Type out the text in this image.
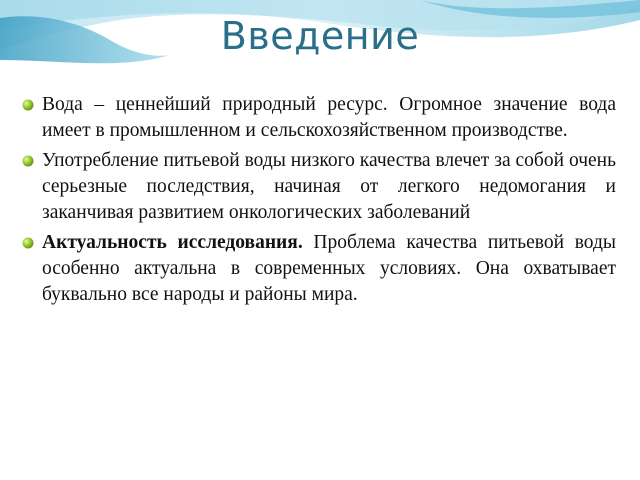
Введение
Вода – ценнейший природный ресурс. Огромное значение вода имеет в промышленном и сельскохозяйственном производстве.
Употребление питьевой воды низкого качества влечет за собой очень серьезные последствия, начиная от легкого недомогания и заканчивая развитием онкологических заболеваний
Актуальность исследования. Проблема качества питьевой воды особенно актуальна в современных условиях. Она охватывает буквально все народы и районы мира.
